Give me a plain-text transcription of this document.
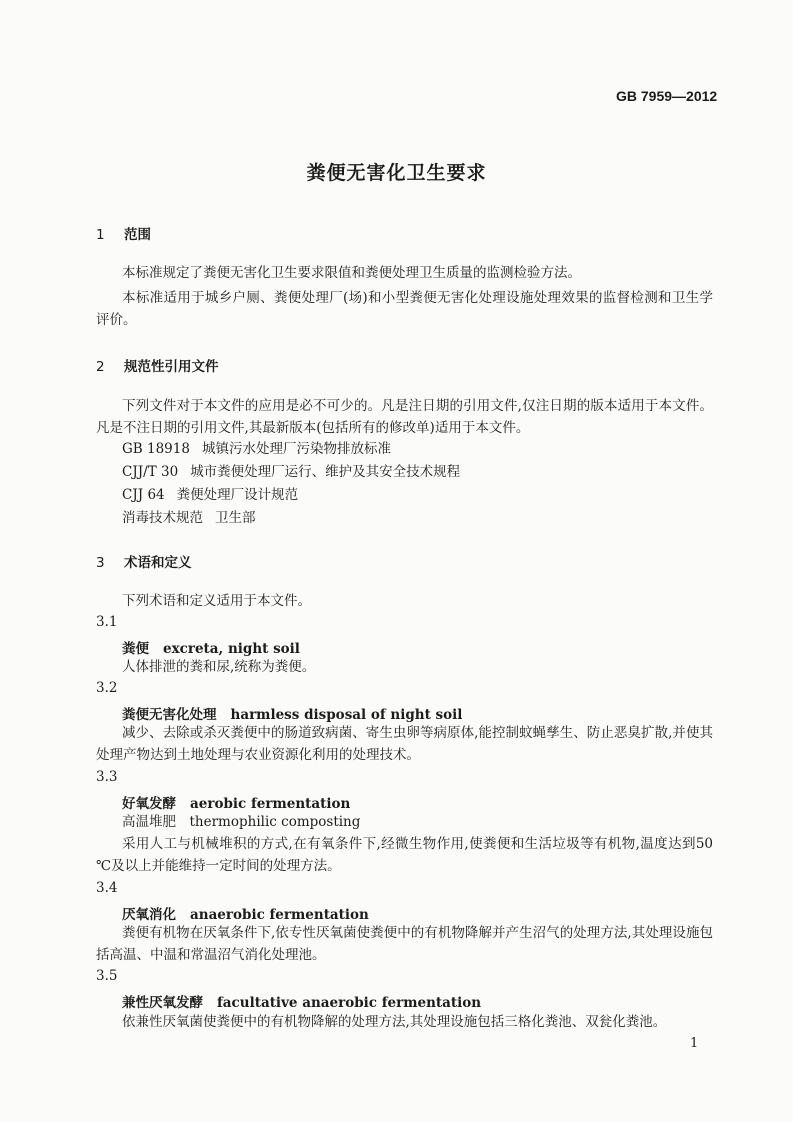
GB 7959—2012
粪便无害化卫生要求
1 范围
本标准规定了粪便无害化卫生要求限值和粪便处理卫生质量的监测检验方法。
本标准适用于城乡户厕、粪便处理厂(场)和小型粪便无害化处理设施处理效果的监督检测和卫生学评价。
2 规范性引用文件
下列文件对于本文件的应用是必不可少的。凡是注日期的引用文件,仅注日期的版本适用于本文件。凡是不注日期的引用文件,其最新版本(包括所有的修改单)适用于本文件。
GB 18918 城镇污水处理厂污染物排放标准
CJJ/T 30 城市粪便处理厂运行、维护及其安全技术规程
CJJ 64 粪便处理厂设计规范
消毒技术规范 卫生部
3 术语和定义
下列术语和定义适用于本文件。
3.1
粪便 excreta, night soil
人体排泄的粪和尿,统称为粪便。
3.2
粪便无害化处理 harmless disposal of night soil
减少、去除或杀灭粪便中的肠道致病菌、寄生虫卵等病原体,能控制蚊蝇孳生、防止恶臭扩散,并使其处理产物达到土地处理与农业资源化利用的处理技术。
3.3
好氧发酵 aerobic fermentation
高温堆肥　thermophilic composting
采用人工与机械堆积的方式,在有氧条件下,经微生物作用,使粪便和生活垃圾等有机物,温度达到50 ℃及以上并能维持一定时间的处理方法。
3.4
厌氧消化 anaerobic fermentation
粪便有机物在厌氧条件下,依专性厌氧菌使粪便中的有机物降解并产生沼气的处理方法,其处理设施包括高温、中温和常温沼气消化处理池。
3.5
兼性厌氧发酵 facultative anaerobic fermentation
依兼性厌氧菌使粪便中的有机物降解的处理方法,其处理设施包括三格化粪池、双瓮化粪池。
1
